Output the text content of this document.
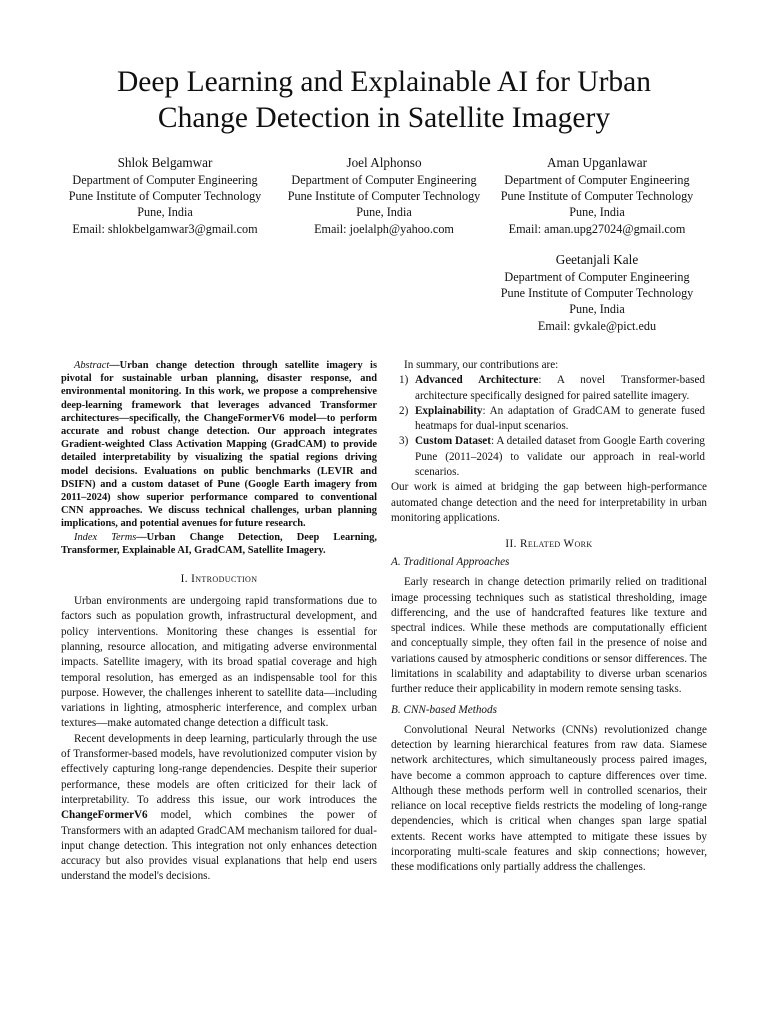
Deep Learning and Explainable AI for Urban
Change Detection in Satellite Imagery
Shlok Belgamwar
Department of Computer Engineering
Pune Institute of Computer Technology
Pune, India
Email: shlokbelgamwar3@gmail.com
Joel Alphonso
Department of Computer Engineering
Pune Institute of Computer Technology
Pune, India
Email: joelalph@yahoo.com
Aman Upganlawar
Department of Computer Engineering
Pune Institute of Computer Technology
Pune, India
Email: aman.upg27024@gmail.com
Geetanjali Kale
Department of Computer Engineering
Pune Institute of Computer Technology
Pune, India
Email: gvkale@pict.edu

Abstract—Urban change detection through satellite imagery is pivotal for sustainable urban planning, disaster response, and environmental monitoring. In this work, we propose a comprehensive deep-learning framework that leverages advanced Transformer architectures—specifically, the ChangeFormerV6 model—to perform accurate and robust change detection. Our approach integrates Gradient-weighted Class Activation Mapping (GradCAM) to provide detailed interpretability by visualizing the spatial regions driving model decisions. Evaluations on public benchmarks (LEVIR and DSIFN) and a custom dataset of Pune (Google Earth imagery from 2011–2024) show superior performance compared to conventional CNN approaches. We discuss technical challenges, urban planning implications, and potential avenues for future research.

Index Terms—Urban Change Detection, Deep Learning, Transformer, Explainable AI, GradCAM, Satellite Imagery.

I. Introduction

Urban environments are undergoing rapid transformations due to factors such as population growth, infrastructural development, and policy interventions. Monitoring these changes is essential for planning, resource allocation, and mitigating adverse environmental impacts. Satellite imagery, with its broad spatial coverage and high temporal resolution, has emerged as an indispensable tool for this purpose. However, the challenges inherent to satellite data—including variations in lighting, atmospheric interference, and complex urban textures—make automated change detection a difficult task.

Recent developments in deep learning, particularly through the use of Transformer-based models, have revolutionized computer vision by effectively capturing long-range dependencies. Despite their superior performance, these models are often criticized for their lack of interpretability. To address this issue, our work introduces the ChangeFormerV6 model, which combines the power of Transformers with an adapted GradCAM mechanism tailored for dual-input change detection. This integration not only enhances detection accuracy but also provides visual explanations that help end users understand the model's decisions.

In summary, our contributions are:

1) Advanced Architecture: A novel Transformer-based architecture specifically designed for paired satellite imagery.
2) Explainability: An adaptation of GradCAM to generate fused heatmaps for dual-input scenarios.
3) Custom Dataset: A detailed dataset from Google Earth covering Pune (2011–2024) to validate our approach in real-world scenarios.

Our work is aimed at bridging the gap between high-performance automated change detection and the need for interpretability in urban monitoring applications.

II. Related Work
A. Traditional Approaches

Early research in change detection primarily relied on traditional image processing techniques such as statistical thresholding, image differencing, and the use of handcrafted features like texture and spectral indices. While these methods are computationally efficient and conceptually simple, they often fail in the presence of noise and variations caused by atmospheric conditions or sensor differences. The limitations in scalability and adaptability to diverse urban scenarios further reduce their applicability in modern remote sensing tasks.

B. CNN-based Methods

Convolutional Neural Networks (CNNs) revolutionized change detection by learning hierarchical features from raw data. Siamese network architectures, which simultaneously process paired images, have become a common approach to capture differences over time. Although these methods perform well in controlled scenarios, their reliance on local receptive fields restricts the modeling of long-range dependencies, which is critical when changes span large spatial extents. Recent works have attempted to mitigate these issues by incorporating multi-scale features and skip connections; however, these modifications only partially address the challenges.
